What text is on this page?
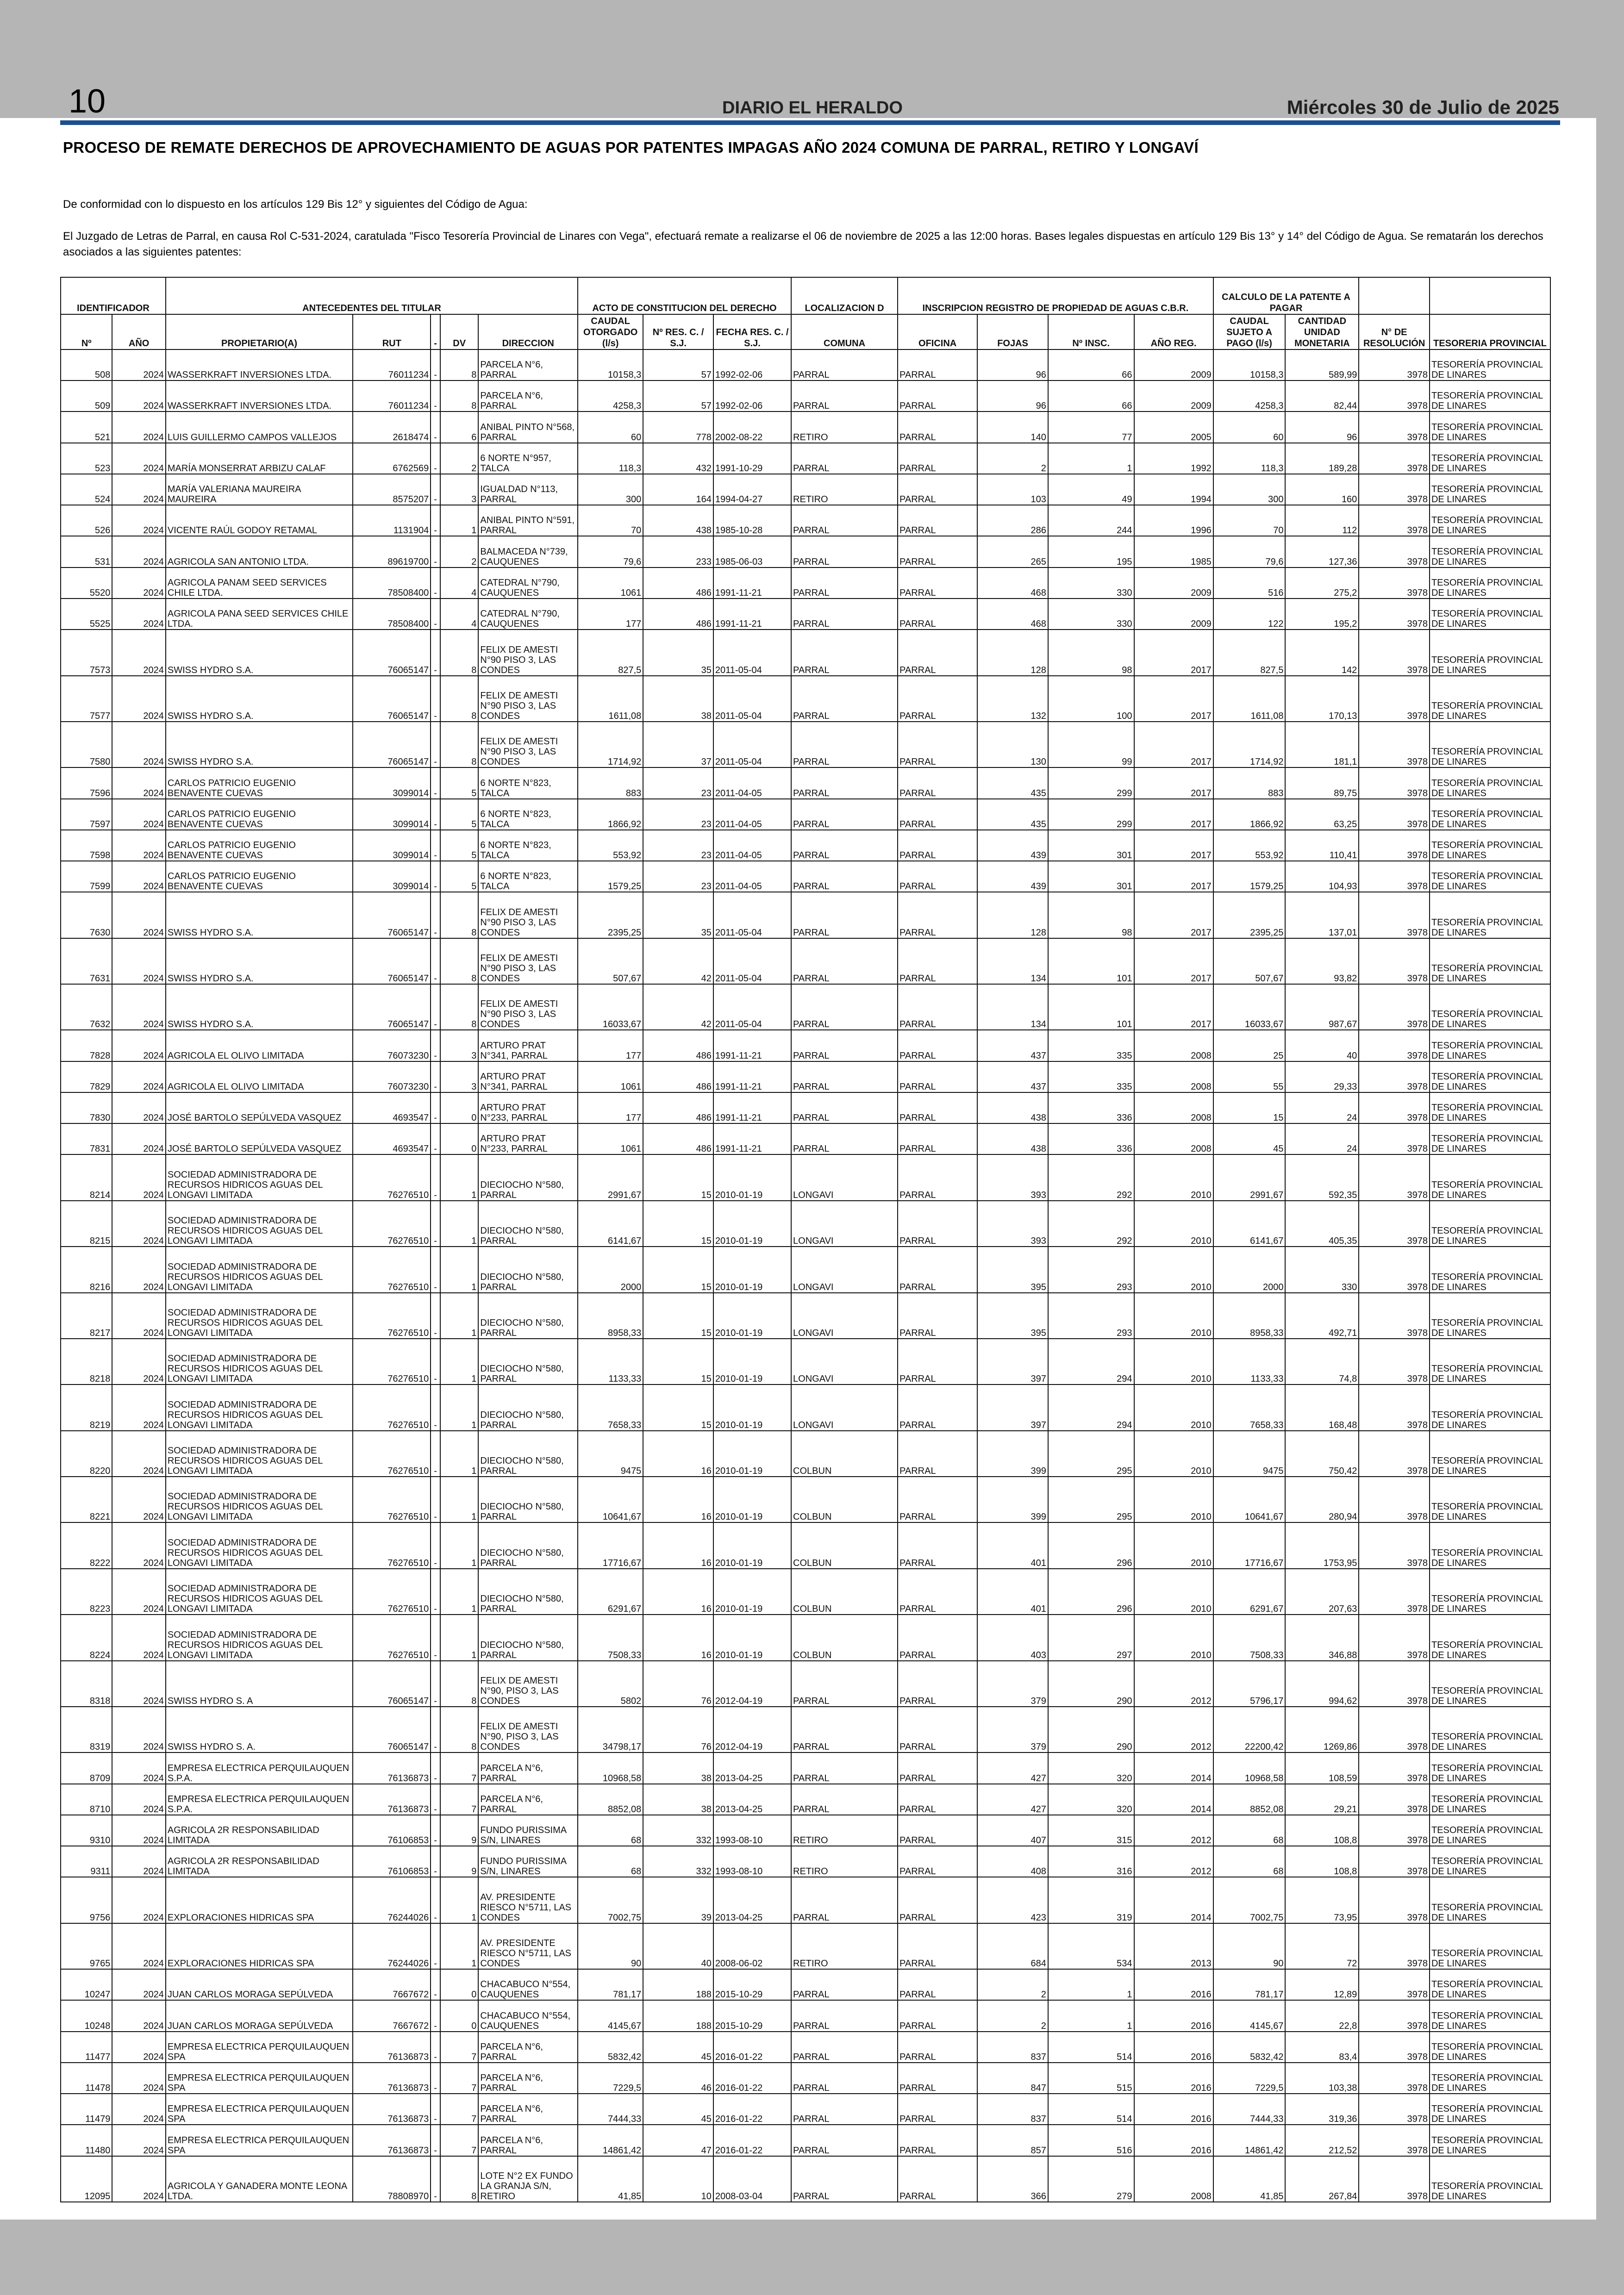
10	DIARIO EL HERALDO	Miércoles 30 de Julio de 2025
PROCESO DE REMATE DERECHOS DE APROVECHAMIENTO DE AGUAS POR PATENTES IMPAGAS AÑO 2024 COMUNA DE PARRAL, RETIRO Y LONGAVÍ
De conformidad con lo dispuesto en los artículos 129 Bis 12° y siguientes del Código de Agua:
El Juzgado de Letras de Parral, en causa Rol C-531-2024, caratulada "Fisco Tesorería Provincial de Linares con Vega", efectuará remate a realizarse el 06 de noviembre de 2025 a las 12:00 horas. Bases legales dispuestas en artículo 129 Bis 13° y 14° del Código de Agua. Se rematarán los derechos asociados a las siguientes patentes:
IDENTIFICADOR		ANTECEDENTES DEL TITULAR					ACTO DE CONSTITUCION DEL DERECHO			LOCALIZACION D	INSCRIPCION REGISTRO DE PROPIEDAD DE AGUAS C.B.R.				CALCULO DE LA PATENTE A PAGAR			
Nº	AÑO	PROPIETARIO(A)	RUT	-	DV	DIRECCION	CAUDAL OTORGADO (l/s)	Nº RES. C. / S.J.	FECHA RES. C. / S.J.	COMUNA	OFICINA	FOJAS	Nº INSC.	AÑO REG.	CAUDAL SUJETO A PAGO (l/s)	CANTIDAD UNIDAD MONETARIA	N° DE RESOLUCIÓN	TESORERIA PROVINCIAL
508	2024	WASSERKRAFT INVERSIONES LTDA.	76011234	-	8	PARCELA N°6, PARRAL	10158,3	57	1992-02-06	PARRAL	PARRAL	96	66	2009	10158,3	589,99	3978	TESORERÍA PROVINCIAL DE LINARES
509	2024	WASSERKRAFT INVERSIONES LTDA.	76011234	-	8	PARCELA N°6, PARRAL	4258,3	57	1992-02-06	PARRAL	PARRAL	96	66	2009	4258,3	82,44	3978	TESORERÍA PROVINCIAL DE LINARES
521	2024	LUIS GUILLERMO CAMPOS VALLEJOS	2618474	-	6	ANIBAL PINTO N°568, PARRAL	60	778	2002-08-22	RETIRO	PARRAL	140	77	2005	60	96	3978	TESORERÍA PROVINCIAL DE LINARES
523	2024	MARÍA MONSERRAT ARBIZU CALAF	6762569	-	2	6 NORTE N°957, TALCA	118,3	432	1991-10-29	PARRAL	PARRAL	2	1	1992	118,3	189,28	3978	TESORERÍA PROVINCIAL DE LINARES
524	2024	MARÍA VALERIANA MAUREIRA MAUREIRA	8575207	-	3	IGUALDAD N°113, PARRAL	300	164	1994-04-27	RETIRO	PARRAL	103	49	1994	300	160	3978	TESORERÍA PROVINCIAL DE LINARES
526	2024	VICENTE RAÚL GODOY RETAMAL	1131904	-	1	ANIBAL PINTO N°591, PARRAL	70	438	1985-10-28	PARRAL	PARRAL	286	244	1996	70	112	3978	TESORERÍA PROVINCIAL DE LINARES
531	2024	AGRICOLA SAN ANTONIO LTDA.	89619700	-	2	BALMACEDA N°739, CAUQUENES	79,6	233	1985-06-03	PARRAL	PARRAL	265	195	1985	79,6	127,36	3978	TESORERÍA PROVINCIAL DE LINARES
5520	2024	AGRICOLA PANAM SEED SERVICES CHILE LTDA.	78508400	-	4	CATEDRAL N°790, CAUQUENES	1061	486	1991-11-21	PARRAL	PARRAL	468	330	2009	516	275,2	3978	TESORERÍA PROVINCIAL DE LINARES
5525	2024	AGRICOLA PANA SEED SERVICES CHILE LTDA.	78508400	-	4	CATEDRAL N°790, CAUQUENES	177	486	1991-11-21	PARRAL	PARRAL	468	330	2009	122	195,2	3978	TESORERÍA PROVINCIAL DE LINARES
7573	2024	SWISS HYDRO S.A.	76065147	-	8	FELIX DE AMESTI N°90 PISO 3, LAS CONDES	827,5	35	2011-05-04	PARRAL	PARRAL	128	98	2017	827,5	142	3978	TESORERÍA PROVINCIAL DE LINARES
7577	2024	SWISS HYDRO S.A.	76065147	-	8	FELIX DE AMESTI N°90 PISO 3, LAS CONDES	1611,08	38	2011-05-04	PARRAL	PARRAL	132	100	2017	1611,08	170,13	3978	TESORERÍA PROVINCIAL DE LINARES
7580	2024	SWISS HYDRO S.A.	76065147	-	8	FELIX DE AMESTI N°90 PISO 3, LAS CONDES	1714,92	37	2011-05-04	PARRAL	PARRAL	130	99	2017	1714,92	181,1	3978	TESORERÍA PROVINCIAL DE LINARES
7596	2024	CARLOS PATRICIO EUGENIO BENAVENTE CUEVAS	3099014	-	5	6 NORTE N°823, TALCA	883	23	2011-04-05	PARRAL	PARRAL	435	299	2017	883	89,75	3978	TESORERÍA PROVINCIAL DE LINARES
7597	2024	CARLOS PATRICIO EUGENIO BENAVENTE CUEVAS	3099014	-	5	6 NORTE N°823, TALCA	1866,92	23	2011-04-05	PARRAL	PARRAL	435	299	2017	1866,92	63,25	3978	TESORERÍA PROVINCIAL DE LINARES
7598	2024	CARLOS PATRICIO EUGENIO BENAVENTE CUEVAS	3099014	-	5	6 NORTE N°823, TALCA	553,92	23	2011-04-05	PARRAL	PARRAL	439	301	2017	553,92	110,41	3978	TESORERÍA PROVINCIAL DE LINARES
7599	2024	CARLOS PATRICIO EUGENIO BENAVENTE CUEVAS	3099014	-	5	6 NORTE N°823, TALCA	1579,25	23	2011-04-05	PARRAL	PARRAL	439	301	2017	1579,25	104,93	3978	TESORERÍA PROVINCIAL DE LINARES
7630	2024	SWISS HYDRO S.A.	76065147	-	8	FELIX DE AMESTI N°90 PISO 3, LAS CONDES	2395,25	35	2011-05-04	PARRAL	PARRAL	128	98	2017	2395,25	137,01	3978	TESORERÍA PROVINCIAL DE LINARES
7631	2024	SWISS HYDRO S.A.	76065147	-	8	FELIX DE AMESTI N°90 PISO 3, LAS CONDES	507,67	42	2011-05-04	PARRAL	PARRAL	134	101	2017	507,67	93,82	3978	TESORERÍA PROVINCIAL DE LINARES
7632	2024	SWISS HYDRO S.A.	76065147	-	8	FELIX DE AMESTI N°90 PISO 3, LAS CONDES	16033,67	42	2011-05-04	PARRAL	PARRAL	134	101	2017	16033,67	987,67	3978	TESORERÍA PROVINCIAL DE LINARES
7828	2024	AGRICOLA EL OLIVO LIMITADA	76073230	-	3	ARTURO PRAT N°341, PARRAL	177	486	1991-11-21	PARRAL	PARRAL	437	335	2008	25	40	3978	TESORERÍA PROVINCIAL DE LINARES
7829	2024	AGRICOLA EL OLIVO LIMITADA	76073230	-	3	ARTURO PRAT N°341, PARRAL	1061	486	1991-11-21	PARRAL	PARRAL	437	335	2008	55	29,33	3978	TESORERÍA PROVINCIAL DE LINARES
7830	2024	JOSÉ BARTOLO SEPÚLVEDA VASQUEZ	4693547	-	0	ARTURO PRAT N°233, PARRAL	177	486	1991-11-21	PARRAL	PARRAL	438	336	2008	15	24	3978	TESORERÍA PROVINCIAL DE LINARES
7831	2024	JOSÉ BARTOLO SEPÚLVEDA VASQUEZ	4693547	-	0	ARTURO PRAT N°233, PARRAL	1061	486	1991-11-21	PARRAL	PARRAL	438	336	2008	45	24	3978	TESORERÍA PROVINCIAL DE LINARES
8214	2024	SOCIEDAD ADMINISTRADORA DE RECURSOS HIDRICOS AGUAS DEL LONGAVI LIMITADA	76276510	-	1	DIECIOCHO N°580, PARRAL	2991,67	15	2010-01-19	LONGAVI	PARRAL	393	292	2010	2991,67	592,35	3978	TESORERÍA PROVINCIAL DE LINARES
8215	2024	SOCIEDAD ADMINISTRADORA DE RECURSOS HIDRICOS AGUAS DEL LONGAVI LIMITADA	76276510	-	1	DIECIOCHO N°580, PARRAL	6141,67	15	2010-01-19	LONGAVI	PARRAL	393	292	2010	6141,67	405,35	3978	TESORERÍA PROVINCIAL DE LINARES
8216	2024	SOCIEDAD ADMINISTRADORA DE RECURSOS HIDRICOS AGUAS DEL LONGAVI LIMITADA	76276510	-	1	DIECIOCHO N°580, PARRAL	2000	15	2010-01-19	LONGAVI	PARRAL	395	293	2010	2000	330	3978	TESORERÍA PROVINCIAL DE LINARES
8217	2024	SOCIEDAD ADMINISTRADORA DE RECURSOS HIDRICOS AGUAS DEL LONGAVI LIMITADA	76276510	-	1	DIECIOCHO N°580, PARRAL	8958,33	15	2010-01-19	LONGAVI	PARRAL	395	293	2010	8958,33	492,71	3978	TESORERÍA PROVINCIAL DE LINARES
8218	2024	SOCIEDAD ADMINISTRADORA DE RECURSOS HIDRICOS AGUAS DEL LONGAVI LIMITADA	76276510	-	1	DIECIOCHO N°580, PARRAL	1133,33	15	2010-01-19	LONGAVI	PARRAL	397	294	2010	1133,33	74,8	3978	TESORERÍA PROVINCIAL DE LINARES
8219	2024	SOCIEDAD ADMINISTRADORA DE RECURSOS HIDRICOS AGUAS DEL LONGAVI LIMITADA	76276510	-	1	DIECIOCHO N°580, PARRAL	7658,33	15	2010-01-19	LONGAVI	PARRAL	397	294	2010	7658,33	168,48	3978	TESORERÍA PROVINCIAL DE LINARES
8220	2024	SOCIEDAD ADMINISTRADORA DE RECURSOS HIDRICOS AGUAS DEL LONGAVI LIMITADA	76276510	-	1	DIECIOCHO N°580, PARRAL	9475	16	2010-01-19	COLBUN	PARRAL	399	295	2010	9475	750,42	3978	TESORERÍA PROVINCIAL DE LINARES
8221	2024	SOCIEDAD ADMINISTRADORA DE RECURSOS HIDRICOS AGUAS DEL LONGAVI LIMITADA	76276510	-	1	DIECIOCHO N°580, PARRAL	10641,67	16	2010-01-19	COLBUN	PARRAL	399	295	2010	10641,67	280,94	3978	TESORERÍA PROVINCIAL DE LINARES
8222	2024	SOCIEDAD ADMINISTRADORA DE RECURSOS HIDRICOS AGUAS DEL LONGAVI LIMITADA	76276510	-	1	DIECIOCHO N°580, PARRAL	17716,67	16	2010-01-19	COLBUN	PARRAL	401	296	2010	17716,67	1753,95	3978	TESORERÍA PROVINCIAL DE LINARES
8223	2024	SOCIEDAD ADMINISTRADORA DE RECURSOS HIDRICOS AGUAS DEL LONGAVI LIMITADA	76276510	-	1	DIECIOCHO N°580, PARRAL	6291,67	16	2010-01-19	COLBUN	PARRAL	401	296	2010	6291,67	207,63	3978	TESORERÍA PROVINCIAL DE LINARES
8224	2024	SOCIEDAD ADMINISTRADORA DE RECURSOS HIDRICOS AGUAS DEL LONGAVI LIMITADA	76276510	-	1	DIECIOCHO N°580, PARRAL	7508,33	16	2010-01-19	COLBUN	PARRAL	403	297	2010	7508,33	346,88	3978	TESORERÍA PROVINCIAL DE LINARES
8318	2024	SWISS HYDRO S. A	76065147	-	8	FELIX DE AMESTI N°90, PISO 3, LAS CONDES	5802	76	2012-04-19	PARRAL	PARRAL	379	290	2012	5796,17	994,62	3978	TESORERÍA PROVINCIAL DE LINARES
8319	2024	SWISS HYDRO S. A.	76065147	-	8	FELIX DE AMESTI N°90, PISO 3, LAS CONDES	34798,17	76	2012-04-19	PARRAL	PARRAL	379	290	2012	22200,42	1269,86	3978	TESORERÍA PROVINCIAL DE LINARES
8709	2024	EMPRESA ELECTRICA PERQUILAUQUEN S.P.A.	76136873	-	7	PARCELA N°6, PARRAL	10968,58	38	2013-04-25	PARRAL	PARRAL	427	320	2014	10968,58	108,59	3978	TESORERÍA PROVINCIAL DE LINARES
8710	2024	EMPRESA ELECTRICA PERQUILAUQUEN S.P.A.	76136873	-	7	PARCELA N°6, PARRAL	8852,08	38	2013-04-25	PARRAL	PARRAL	427	320	2014	8852,08	29,21	3978	TESORERÍA PROVINCIAL DE LINARES
9310	2024	AGRICOLA 2R RESPONSABILIDAD LIMITADA	76106853	-	9	FUNDO PURISSIMA S/N, LINARES	68	332	1993-08-10	RETIRO	PARRAL	407	315	2012	68	108,8	3978	TESORERÍA PROVINCIAL DE LINARES
9311	2024	AGRICOLA 2R RESPONSABILIDAD LIMITADA	76106853	-	9	FUNDO PURISSIMA S/N, LINARES	68	332	1993-08-10	RETIRO	PARRAL	408	316	2012	68	108,8	3978	TESORERÍA PROVINCIAL DE LINARES
9756	2024	EXPLORACIONES HIDRICAS SPA	76244026	-	1	AV. PRESIDENTE RIESCO N°5711, LAS CONDES	7002,75	39	2013-04-25	PARRAL	PARRAL	423	319	2014	7002,75	73,95	3978	TESORERÍA PROVINCIAL DE LINARES
9765	2024	EXPLORACIONES HIDRICAS SPA	76244026	-	1	AV. PRESIDENTE RIESCO N°5711, LAS CONDES	90	40	2008-06-02	RETIRO	PARRAL	684	534	2013	90	72	3978	TESORERÍA PROVINCIAL DE LINARES
10247	2024	JUAN CARLOS MORAGA SEPÚLVEDA	7667672	-	0	CHACABUCO N°554, CAUQUENES	781,17	188	2015-10-29	PARRAL	PARRAL	2	1	2016	781,17	12,89	3978	TESORERÍA PROVINCIAL DE LINARES
10248	2024	JUAN CARLOS MORAGA SEPÚLVEDA	7667672	-	0	CHACABUCO N°554, CAUQUENES	4145,67	188	2015-10-29	PARRAL	PARRAL	2	1	2016	4145,67	22,8	3978	TESORERÍA PROVINCIAL DE LINARES
11477	2024	EMPRESA ELECTRICA PERQUILAUQUEN SPA	76136873	-	7	PARCELA N°6, PARRAL	5832,42	45	2016-01-22	PARRAL	PARRAL	837	514	2016	5832,42	83,4	3978	TESORERÍA PROVINCIAL DE LINARES
11478	2024	EMPRESA ELECTRICA PERQUILAUQUEN SPA	76136873	-	7	PARCELA N°6, PARRAL	7229,5	46	2016-01-22	PARRAL	PARRAL	847	515	2016	7229,5	103,38	3978	TESORERÍA PROVINCIAL DE LINARES
11479	2024	EMPRESA ELECTRICA PERQUILAUQUEN SPA	76136873	-	7	PARCELA N°6, PARRAL	7444,33	45	2016-01-22	PARRAL	PARRAL	837	514	2016	7444,33	319,36	3978	TESORERÍA PROVINCIAL DE LINARES
11480	2024	EMPRESA ELECTRICA PERQUILAUQUEN SPA	76136873	-	7	PARCELA N°6, PARRAL	14861,42	47	2016-01-22	PARRAL	PARRAL	857	516	2016	14861,42	212,52	3978	TESORERÍA PROVINCIAL DE LINARES
12095	2024	AGRICOLA Y GANADERA MONTE LEONA LTDA.	78808970	-	8	LOTE N°2 EX FUNDO LA GRANJA S/N, RETIRO	41,85	10	2008-03-04	PARRAL	PARRAL	366	279	2008	41,85	267,84	3978	TESORERÍA PROVINCIAL DE LINARES
